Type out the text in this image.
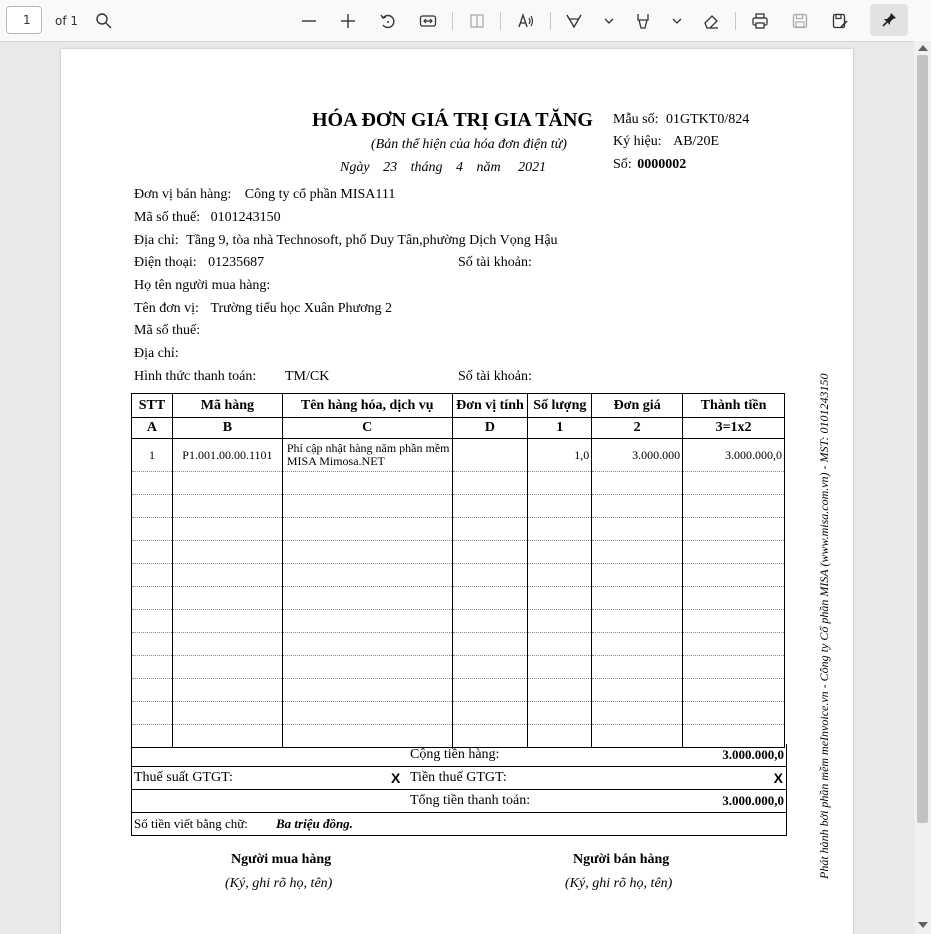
1	of 1
HÓA ĐƠN GIÁ TRỊ GIA TĂNG
(Bản thể hiện của hóa đơn điện tử)
Ngày 23 tháng 4 năm 2021
Mẫu số: 01GTKT0/824
Ký hiệu: AB/20E
Số: 0000002
Đơn vị bán hàng: Công ty cổ phần MISA111
Mã số thuế: 0101243150
Địa chỉ: Tầng 9, tòa nhà Technosoft, phố Duy Tân,phường Dịch Vọng Hậu
Điện thoại: 01235687	Số tài khoản:
Họ tên người mua hàng:
Tên đơn vị: Trường tiểu học Xuân Phương 2
Mã số thuế:
Địa chỉ:
Hình thức thanh toán: TM/CK	Số tài khoản:
STT	Mã hàng	Tên hàng hóa, dịch vụ	Đơn vị tính	Số lượng	Đơn giá	Thành tiền
A	B	C	D	1	2	3=1x2
1	P1.001.00.00.1101	Phí cập nhật hàng năm phần mềm MISA Mimosa.NET		1,0	3.000.000	3.000.000,0

Cộng tiền hàng:	3.000.000,0
Thuế suất GTGT:	X Tiền thuế GTGT:	X
Tổng tiền thanh toán:	3.000.000,0
Số tiền viết bằng chữ: Ba triệu đồng.
Người mua hàng
(Ký, ghi rõ họ, tên)
Người bán hàng
(Ký, ghi rõ họ, tên)
Phát hành bởi phần mềm meInvoice.vn - Công ty Cổ phần MISA (www.misa.com.vn) - MST: 0101243150
